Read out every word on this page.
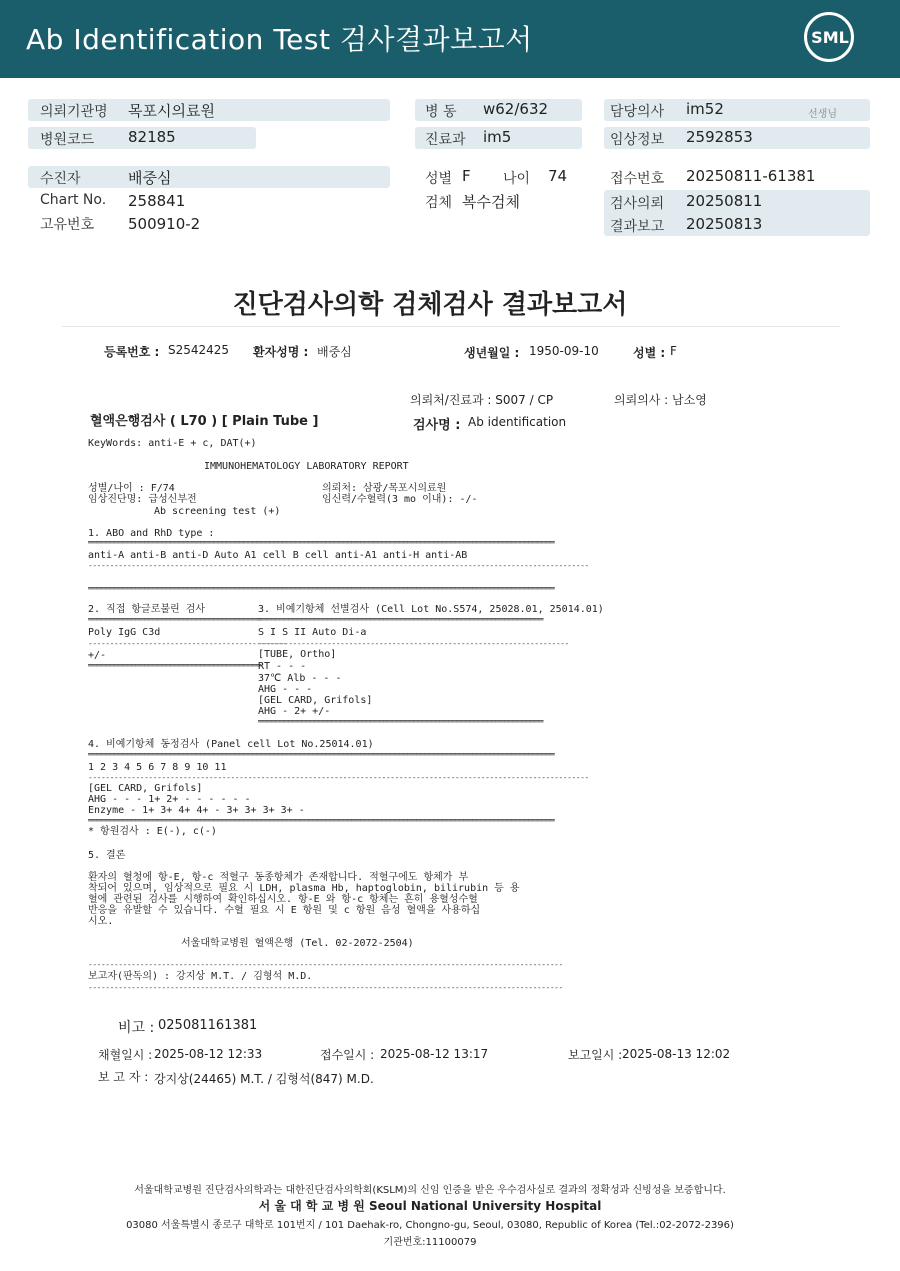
Ab Identification Test 검사결과보고서	SML
의뢰기관명 목포시의료원
병원코드 82185
수진자	배중심
Chart No. 258841
고유번호 500910-2
병 동 w62/632
진료과 im5
성별 F 나이 74
검체 복수검체
담당의사 im52	선생님
임상정보 2592853
접수번호 20250811-61381
검사의뢰 20250811
결과보고 20250813
진단검사의학 검체검사 결과보고서
등록번호 : S2542425 환자성명 : 배중심	생년월일 : 1950-09-10	성별 : F
의뢰처/진료과 : S007 / CP	의뢰의사 : 남소영
혈액은행검사 ( L70 ) [ Plain Tube ]	검사명 : Ab identification
KeyWords: anti-E + c, DAT(+)
IMMUNOHEMATOLOGY LABORATORY REPORT
성별/나이 : F/74
임상진단명: 급성신부전
Ab screening test (+)
의뢰처: 삼광/목포시의료원
임신력/수혈력(3 mo 이내): -/-
1. ABO and RhD type :
════════════════════════════════════════════════════════════════════════════════════════════════════════════
anti-A anti-B anti-D Auto A1 cell B cell anti-A1 anti-H anti-AB
--------------------------------------------------------------------------------------------------------------------
════════════════════════════════════════════════════════════════════════════════════════════════════════════
2. 직접 항글로불린 검사
════════════════════════════════════════
Poly IgG C3d
----------------------------------------------
+/-
════════════════════════════════════════
3. 비예기항체 선별검사 (Cell Lot No.S574, 25028.01, 25014.01)
══════════════════════════════════════════════════════════════════
S I S II Auto Di-a
------------------------------------------------------------------------
[TUBE, Ortho]
RT - - -
37℃ Alb - - -
AHG - - -
[GEL CARD, Grifols]
AHG - 2+ +/-
══════════════════════════════════════════════════════════════════
4. 비예기항체 동정검사 (Panel cell Lot No.25014.01)
════════════════════════════════════════════════════════════════════════════════════════════════════════════
1 2 3 4 5 6 7 8 9 10 11
--------------------------------------------------------------------------------------------------------------------
[GEL CARD, Grifols]
AHG - - - 1+ 2+ - - - - - -
Enzyme - 1+ 3+ 4+ 4+ - 3+ 3+ 3+ 3+ -
════════════════════════════════════════════════════════════════════════════════════════════════════════════
* 항원검사 : E(-), c(-)
5. 결론
환자의 혈청에 항-E, 항-c 적혈구 동종항체가 존재합니다. 적혈구에도 항체가 부
착되어 있으며, 임상적으로 필요 시 LDH, plasma Hb, haptoglobin, bilirubin 등 용
혈에 관련된 검사를 시행하여 확인하십시오. 항-E 와 항-c 항체는 흔히 용혈성수혈
반응을 유발할 수 있습니다. 수혈 필요 시 E 항원 및 c 항원 음성 혈액을 사용하십
시오.
서울대학교병원 혈액은행 (Tel. 02-2072-2504)
--------------------------------------------------------------------------------------------------------------
보고자(판독의) : 강지상 M.T. / 김형석 M.D.
--------------------------------------------------------------------------------------------------------------
비고 : 025081161381
채혈일시 : 2025-08-12 12:33	접수일시 : 2025-08-12 13:17	보고일시 : 2025-08-13 12:02
보 고 자 : 강지상(24465) M.T. / 김형석(847) M.D.
서울대학교병원 진단검사의학과는 대한진단검사의학회(KSLM)의 신임 인증을 받은 우수검사실로 결과의 정확성과 신빙성을 보증합니다.
서 울 대 학 교 병 원 Seoul National University Hospital
03080 서울특별시 종로구 대학로 101번지 / 101 Daehak-ro, Chongno-gu, Seoul, 03080, Republic of Korea (Tel.:02-2072-2396)
기관번호:11100079
